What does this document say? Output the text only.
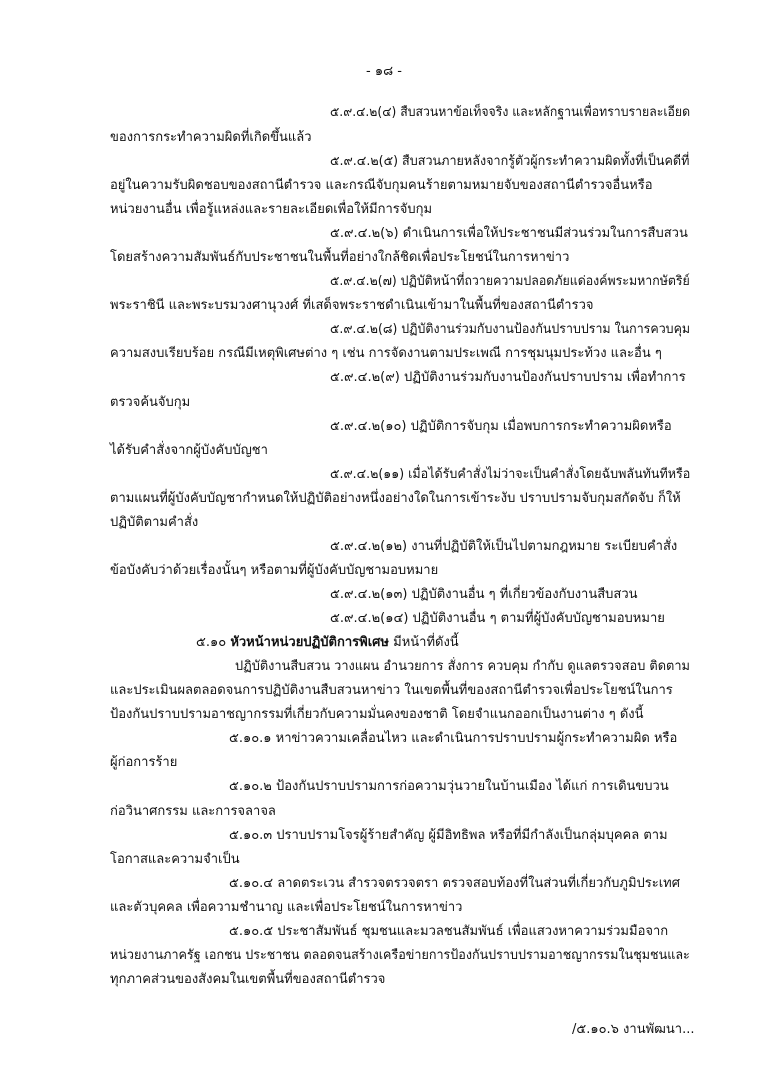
- ๑๘ -
๕.๙.๔.๒(๔) สืบสวนหาข้อเท็จจริง และหลักฐานเพื่อทราบรายละเอียด
ของการกระทำความผิดที่เกิดขึ้นแล้ว
๕.๙.๔.๒(๕) สืบสวนภายหลังจากรู้ตัวผู้กระทำความผิดทั้งที่เป็นคดีที่
อยู่ในความรับผิดชอบของสถานีตำรวจ และกรณีจับกุมคนร้ายตามหมายจับของสถานีตำรวจอื่นหรือ
หน่วยงานอื่น เพื่อรู้แหล่งและรายละเอียดเพื่อให้มีการจับกุม
๕.๙.๔.๒(๖) ดำเนินการเพื่อให้ประชาชนมีส่วนร่วมในการสืบสวน
โดยสร้างความสัมพันธ์กับประชาชนในพื้นที่อย่างใกล้ชิดเพื่อประโยชน์ในการหาข่าว
๕.๙.๔.๒(๗) ปฏิบัติหน้าที่ถวายความปลอดภัยแด่องค์พระมหากษัตริย์
พระราชินี และพระบรมวงศานุวงศ์ ที่เสด็จพระราชดำเนินเข้ามาในพื้นที่ของสถานีตำรวจ
๕.๙.๔.๒(๘) ปฏิบัติงานร่วมกับงานป้องกันปราบปราม ในการควบคุม
ความสงบเรียบร้อย กรณีมีเหตุพิเศษต่าง ๆ เช่น การจัดงานตามประเพณี การชุมนุมประท้วง และอื่น ๆ
๕.๙.๔.๒(๙) ปฏิบัติงานร่วมกับงานป้องกันปราบปราม เพื่อทำการ
ตรวจค้นจับกุม
๕.๙.๔.๒(๑๐) ปฏิบัติการจับกุม เมื่อพบการกระทำความผิดหรือ
ได้รับคำสั่งจากผู้บังคับบัญชา
๕.๙.๔.๒(๑๑) เมื่อได้รับคำสั่งไม่ว่าจะเป็นคำสั่งโดยฉับพลันทันทีหรือ
ตามแผนที่ผู้บังคับบัญชากำหนดให้ปฏิบัติอย่างหนึ่งอย่างใดในการเข้าระงับ ปราบปรามจับกุมสกัดจับ ก็ให้
ปฏิบัติตามคำสั่ง
๕.๙.๔.๒(๑๒) งานที่ปฏิบัติให้เป็นไปตามกฎหมาย ระเบียบคำสั่ง
ข้อบังคับว่าด้วยเรื่องนั้นๆ หรือตามที่ผู้บังคับบัญชามอบหมาย
๕.๙.๔.๒(๑๓) ปฏิบัติงานอื่น ๆ ที่เกี่ยวข้องกับงานสืบสวน
๕.๙.๔.๒(๑๔) ปฏิบัติงานอื่น ๆ ตามที่ผู้บังคับบัญชามอบหมาย
๕.๑๐ หัวหน้าหน่วยปฏิบัติการพิเศษ มีหน้าที่ดังนี้
ปฏิบัติงานสืบสวน วางแผน อำนวยการ สั่งการ ควบคุม กำกับ ดูแลตรวจสอบ ติดตาม
และประเมินผลตลอดจนการปฏิบัติงานสืบสวนหาข่าว ในเขตพื้นที่ของสถานีตำรวจเพื่อประโยชน์ในการ
ป้องกันปราบปรามอาชญากรรมที่เกี่ยวกับความมั่นคงของชาติ โดยจำแนกออกเป็นงานต่าง ๆ ดังนี้
๕.๑๐.๑ หาข่าวความเคลื่อนไหว และดำเนินการปราบปรามผู้กระทำความผิด หรือ
ผู้ก่อการร้าย
๕.๑๐.๒ ป้องกันปราบปรามการก่อความวุ่นวายในบ้านเมือง ได้แก่ การเดินขบวน
ก่อวินาศกรรม และการจลาจล
๕.๑๐.๓ ปราบปรามโจรผู้ร้ายสำคัญ ผู้มีอิทธิพล หรือที่มีกำลังเป็นกลุ่มบุคคล ตาม
โอกาสและความจำเป็น
๕.๑๐.๔ ลาดตระเวน สำรวจตรวจตรา ตรวจสอบท้องที่ในส่วนที่เกี่ยวกับภูมิประเทศ
และตัวบุคคล เพื่อความชำนาญ และเพื่อประโยชน์ในการหาข่าว
๕.๑๐.๕ ประชาสัมพันธ์ ชุมชนและมวลชนสัมพันธ์ เพื่อแสวงหาความร่วมมือจาก
หน่วยงานภาครัฐ เอกชน ประชาชน ตลอดจนสร้างเครือข่ายการป้องกันปราบปรามอาชญากรรมในชุมชนและ
ทุกภาคส่วนของสังคมในเขตพื้นที่ของสถานีตำรวจ
/๕.๑๐.๖ งานพัฒนา...
